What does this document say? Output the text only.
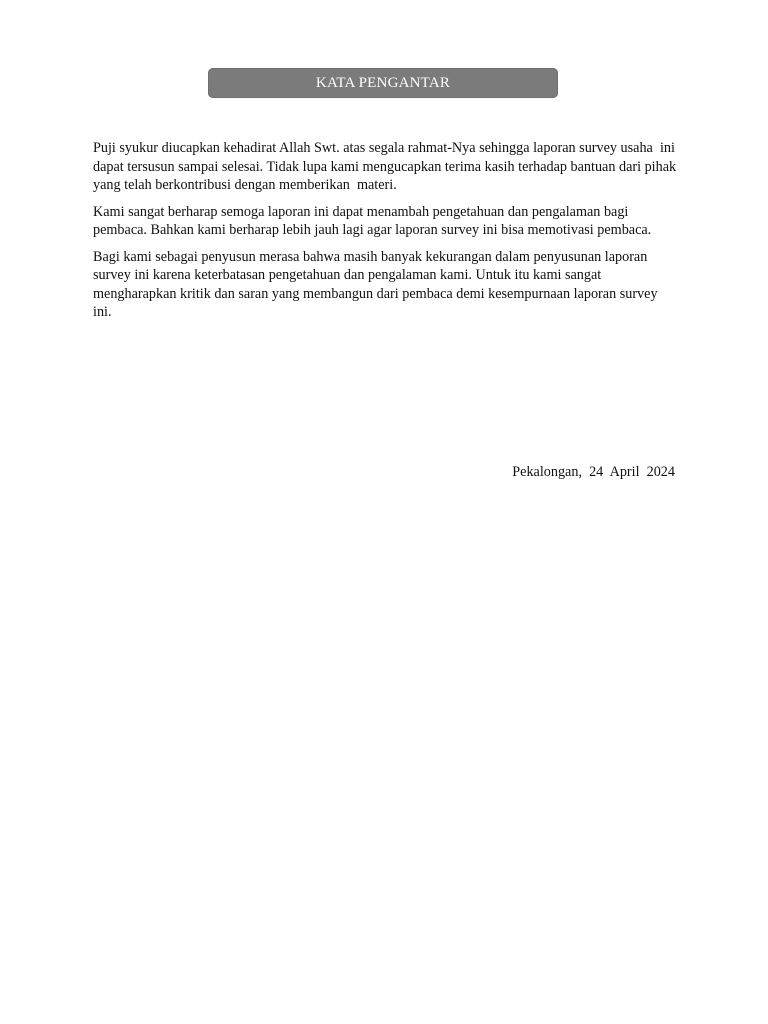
KATA PENGANTAR

Puji syukur diucapkan kehadirat Allah Swt. atas segala rahmat-Nya sehingga laporan survey usaha  ini dapat tersusun sampai selesai. Tidak lupa kami mengucapkan terima kasih terhadap bantuan dari pihak yang telah berkontribusi dengan memberikan  materi.

Kami sangat berharap semoga laporan ini dapat menambah pengetahuan dan pengalaman bagi pembaca. Bahkan kami berharap lebih jauh lagi agar laporan survey ini bisa memotivasi pembaca.

Bagi kami sebagai penyusun merasa bahwa masih banyak kekurangan dalam penyusunan laporan survey ini karena keterbatasan pengetahuan dan pengalaman kami. Untuk itu kami sangat mengharapkan kritik dan saran yang membangun dari pembaca demi kesempurnaan laporan survey  ini.

Pekalongan,  24  April  2024
